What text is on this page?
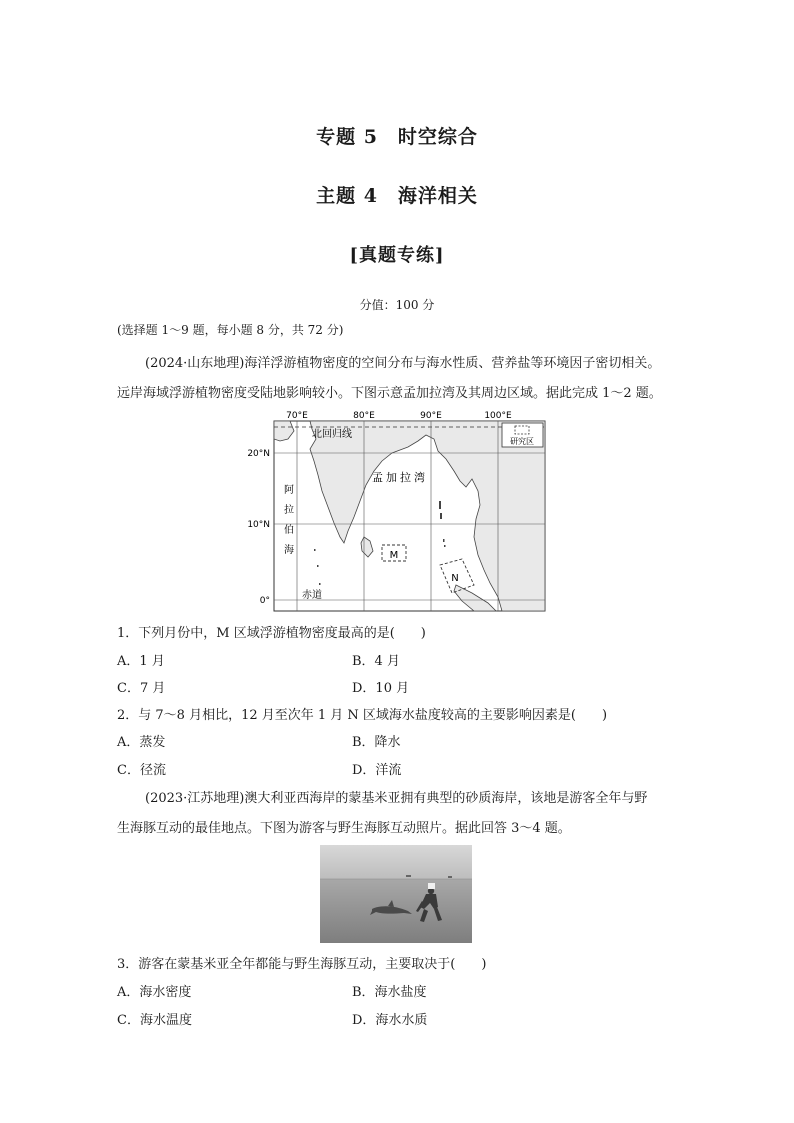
专题 5　时空综合
主题 4　海洋相关
[真题专练]
分值：100 分
(选择题 1～9 题，每小题 8 分，共 72 分)
(2024·山东地理)海洋浮游植物密度的空间分布与海水性质、营养盐等环境因子密切相关。
远岸海域浮游植物密度受陆地影响较小。下图示意孟加拉湾及其周边区域。据此完成 1～2 题。
70°E	80°E	90°E	100°E
20°N
10°N
0°
北回归线
孟加拉湾
阿
拉
伯
海
赤道
研究区
M
N
1．下列月份中，M 区域浮游植物密度最高的是(　　)
A．1 月	B．4 月
C．7 月	D．10 月
2．与 7～8 月相比，12 月至次年 1 月 N 区域海水盐度较高的主要影响因素是(　　)
A．蒸发	B．降水
C．径流	D．洋流
(2023·江苏地理)澳大利亚西海岸的蒙基米亚拥有典型的砂质海岸，该地是游客全年与野
生海豚互动的最佳地点。下图为游客与野生海豚互动照片。据此回答 3～4 题。
3．游客在蒙基米亚全年都能与野生海豚互动，主要取决于(　　)
A．海水密度	B．海水盐度
C．海水温度	D．海水水质
